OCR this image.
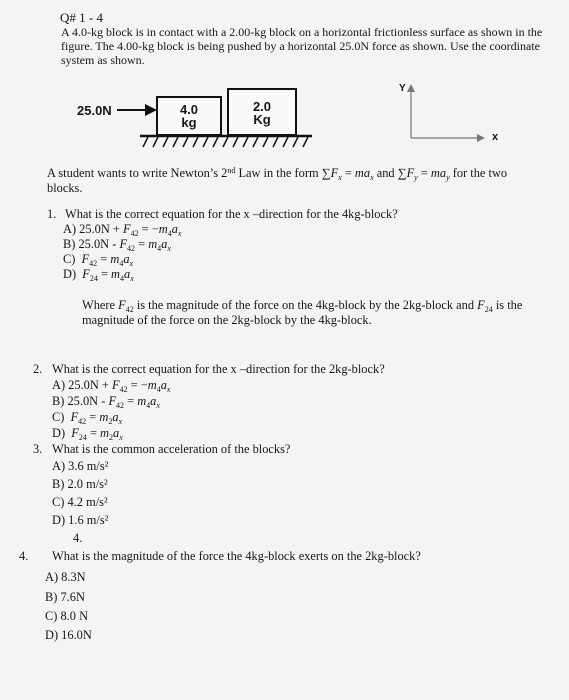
Q# 1 - 4
A 4.0-kg block is in contact with a 2.00-kg block on a horizontal frictionless surface as shown in the
figure. The 4.00-kg block is being pushed by a horizontal 25.0N force as shown. Use the coordinate
system as shown.
25.0N	4.0
kg
2.0
Kg
Y
x
A student wants to write Newton’s 2nd Law in the form $\sum F_x = ma_x$ and $\sum F_y = ma_y$ for the two
blocks.
1. What is the correct equation for the x –direction for the 4kg-block?
A) $25.0N + F_{42} = -m_4a_x$
B) $25.0N - F_{42} = m_4a_x$
C) $F_{42} = m_4a_x$
D) $F_{24} = m_4a_x$
Where $F_{42}$ is the magnitude of the force on the 4kg-block by the 2kg-block and $F_{24}$ is the
magnitude of the force on the 2kg-block by the 4kg-block.
2. What is the correct equation for the x –direction for the 2kg-block?
A) $25.0N + F_{42} = -m_4a_x$
B) $25.0N - F_{42} = m_4a_x$
C) $F_{42} = m_2a_x$
D) $F_{24} = m_2a_x$
3. What is the common acceleration of the blocks?
A) 3.6 m/s²
B) 2.0 m/s²
C) 4.2 m/s²
D) 1.6 m/s²
4.
4. What is the magnitude of the force the 4kg-block exerts on the 2kg-block?
A) 8.3N
B) 7.6N
C) 8.0 N
D) 16.0N
